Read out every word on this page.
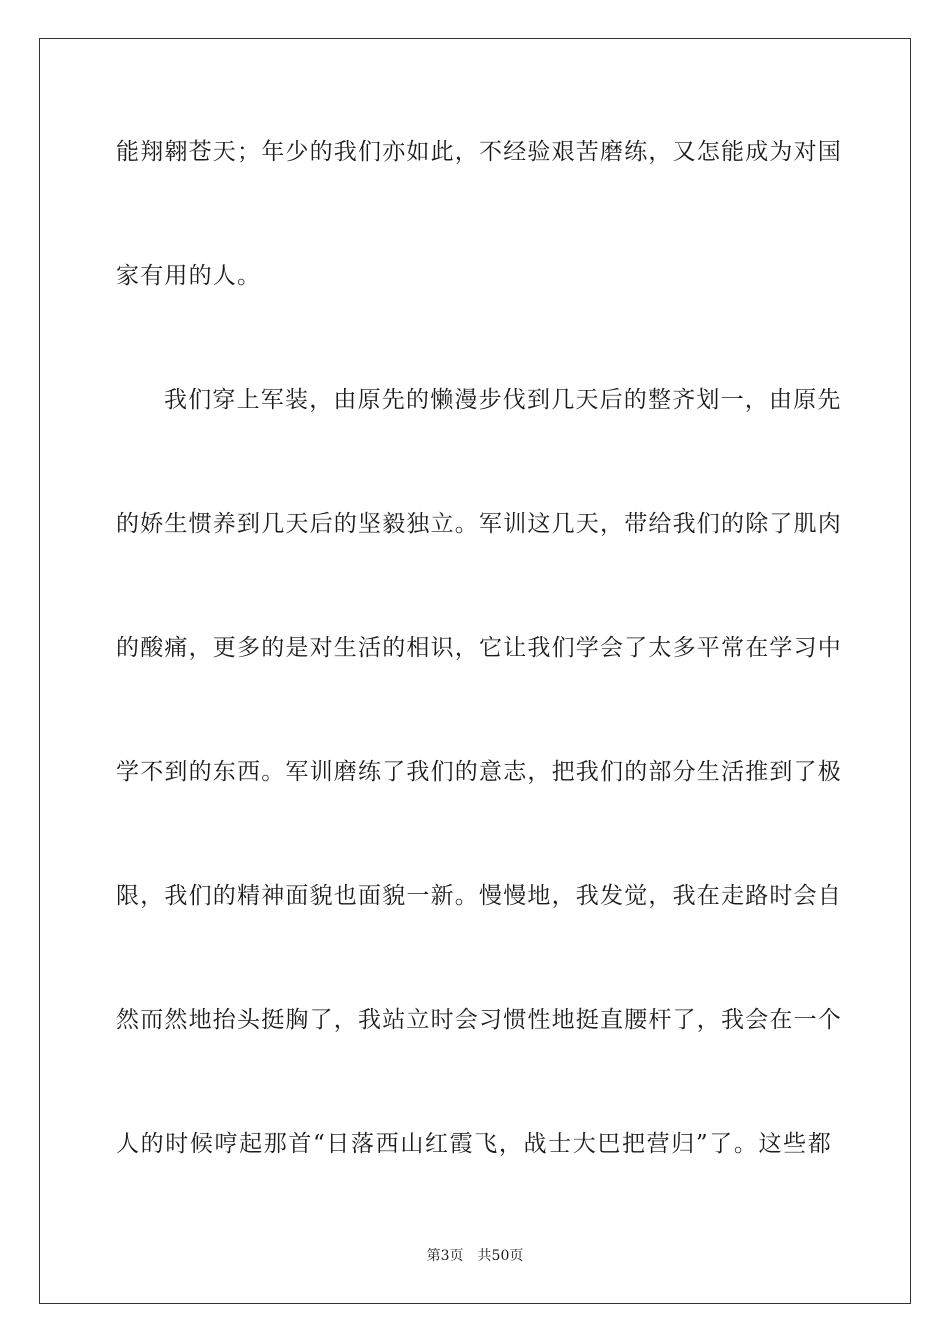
能翔翱苍天；年少的我们亦如此，不经验艰苦磨练，又怎能成为对国
家有用的人。
我们穿上军装，由原先的懒漫步伐到几天后的整齐划一，由原先
的娇生惯养到几天后的坚毅独立。军训这几天，带给我们的除了肌肉
的酸痛，更多的是对生活的相识，它让我们学会了太多平常在学习中
学不到的东西。军训磨练了我们的意志，把我们的部分生活推到了极
限，我们的精神面貌也面貌一新。慢慢地，我发觉，我在走路时会自
然而然地抬头挺胸了，我站立时会习惯性地挺直腰杆了，我会在一个
人的时候哼起那首“日落西山红霞飞，战士大巴把营归”了。这些都
第3页 共50页
